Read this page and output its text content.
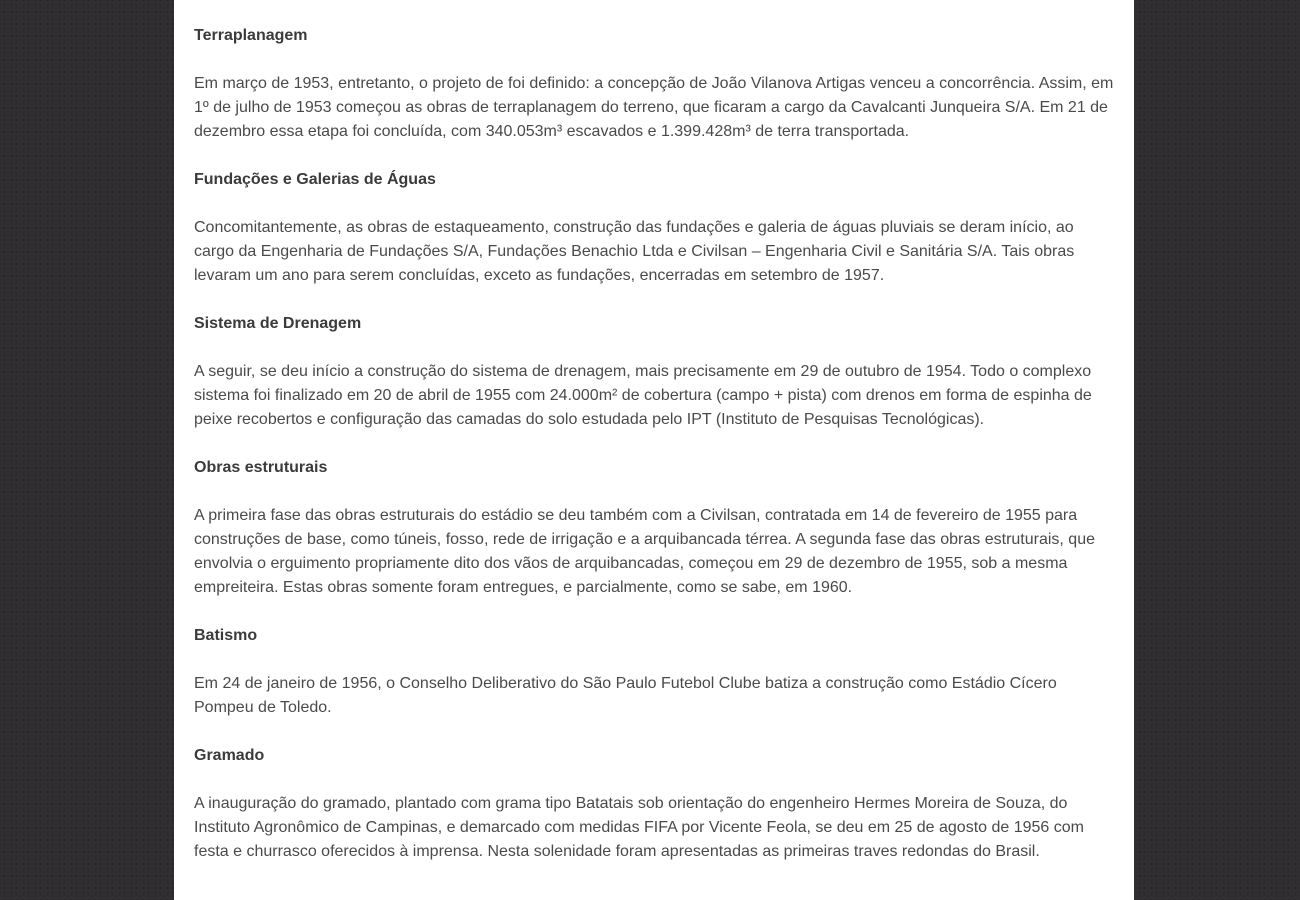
Terraplanagem

Em março de 1953, entretanto, o projeto de foi definido: a concepção de João Vilanova Artigas venceu a concorrência. Assim, em 1º de julho de 1953 começou as obras de terraplanagem do terreno, que ficaram a cargo da Cavalcanti Junqueira S/A. Em 21 de dezembro essa etapa foi concluída, com 340.053m³ escavados e 1.399.428m³ de terra transportada.

Fundações e Galerias de Águas

Concomitantemente, as obras de estaqueamento, construção das fundações e galeria de águas pluviais se deram início, ao cargo da Engenharia de Fundações S/A, Fundações Benachio Ltda e Civilsan – Engenharia Civil e Sanitária S/A. Tais obras levaram um ano para serem concluídas, exceto as fundações, encerradas em setembro de 1957.

Sistema de Drenagem

A seguir, se deu início a construção do sistema de drenagem, mais precisamente em 29 de outubro de 1954. Todo o complexo sistema foi finalizado em 20 de abril de 1955 com 24.000m² de cobertura (campo + pista) com drenos em forma de espinha de peixe recobertos e configuração das camadas do solo estudada pelo IPT (Instituto de Pesquisas Tecnológicas).

Obras estruturais

A primeira fase das obras estruturais do estádio se deu também com a Civilsan, contratada em 14 de fevereiro de 1955 para construções de base, como túneis, fosso, rede de irrigação e a arquibancada térrea. A segunda fase das obras estruturais, que envolvia o erguimento propriamente dito dos vãos de arquibancadas, começou em 29 de dezembro de 1955, sob a mesma empreiteira. Estas obras somente foram entregues, e parcialmente, como se sabe, em 1960.

Batismo

Em 24 de janeiro de 1956, o Conselho Deliberativo do São Paulo Futebol Clube batiza a construção como Estádio Cícero Pompeu de Toledo.

Gramado

A inauguração do gramado, plantado com grama tipo Batatais sob orientação do engenheiro Hermes Moreira de Souza, do Instituto Agronômico de Campinas, e demarcado com medidas FIFA por Vicente Feola, se deu em 25 de agosto de 1956 com festa e churrasco oferecidos à imprensa. Nesta solenidade foram apresentadas as primeiras traves redondas do Brasil.
